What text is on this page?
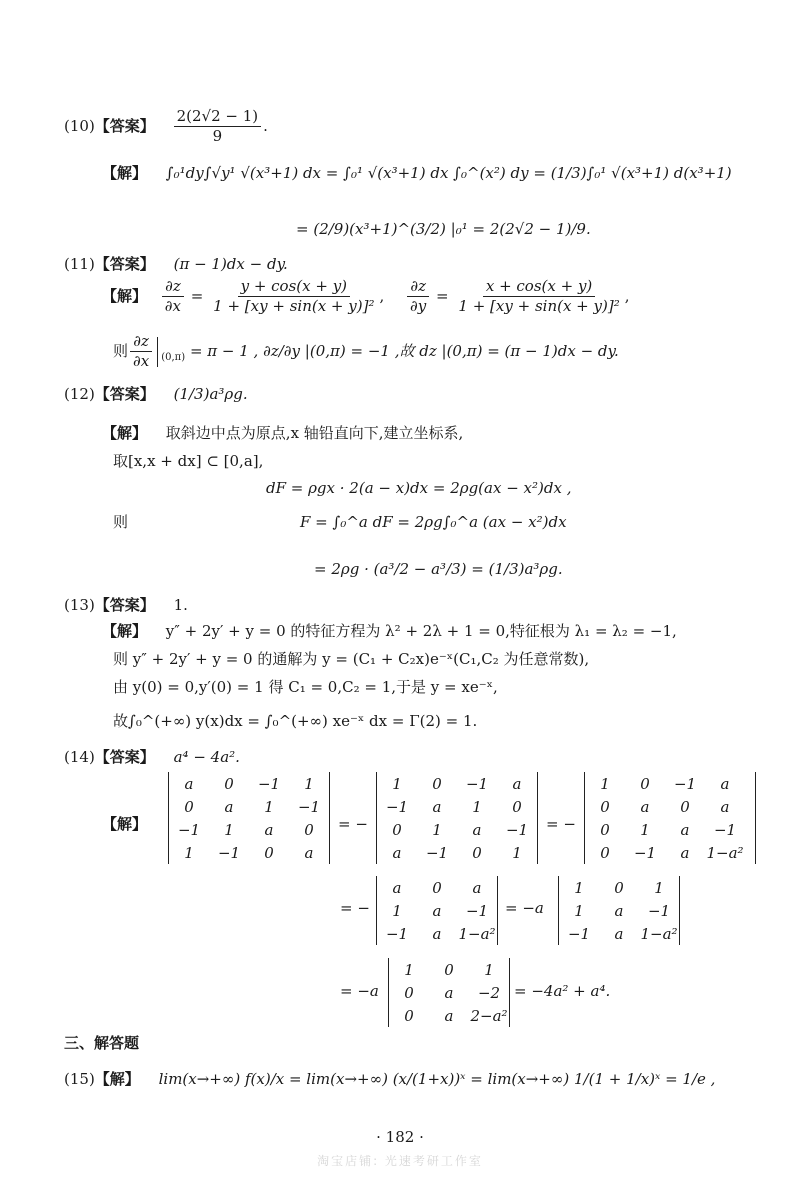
(10)【答案】 $\frac{2(2√2 - 1)}{9}$ .
【解】 ∫₀¹dy∫√y¹ √(x³+1) dx = ∫₀¹ √(x³+1) dx ∫₀^(x²) dy = (1/3)∫₀¹ √(x³+1) d(x³+1)
= (2/9)(x³+1)^(3/2) |₀¹ = 2(2√2 − 1)/9.
(11)【答案】 (π − 1)dx − dy.
【解】 $\frac{\partial z}{\partial x} = \frac{y + \cos(x + y)}{\text{1 + [xy + sin(x + y)]²}}$ , $\frac{\partial z}{\partial y} = \frac{x + \cos(x + y)}{\text{1 + [xy + sin(x + y)]²}}$ ,
则 $\frac{\partial z}{\partial x} _{(0,\pi)} = \pi - 1$ , ∂z/∂y |(0,π) = −1 ,故 dz |(0,π) = (π − 1)dx − dy.
(12)【答案】 (1/3)a³ρg.
【解】 取斜边中点为原点,x 轴铅直向下,建立坐标系,
取[x,x + dx] ⊂ [0,a],
dF = ρgx · 2(a − x)dx = 2ρg(ax − x²)dx ,
则	F = ∫₀^a dF = 2ρg∫₀^a (ax − x²)dx
= 2ρg · (a³/2 − a³/3) = (1/3)a³ρg.
(13)【答案】 1.
【解】 y″ + 2y′ + y = 0 的特征方程为 λ² + 2λ + 1 = 0,特征根为 λ₁ = λ₂ = −1,
则 y″ + 2y′ + y = 0 的通解为 y = (C₁ + C₂x)e⁻ˣ(C₁,C₂ 为任意常数),
由 y(0) = 0,y′(0) = 1 得 C₁ = 0,C₂ = 1,于是 y = xe⁻ˣ,
故∫₀^(+∞) y(x)dx = ∫₀^(+∞) xe⁻ˣ dx = Γ(2) = 1.
(14)【答案】 a⁴ − 4a².
【解】
a	0	−1	1
0	a	1	−1
−1	1	a	0
1	−1	0	a
= −
1	0	−1	a
−1	a	1	0
0	1	a	−1
a	−1	0	1
= −
1	0	−1	a
0	a	0	a
0	1	a	−1
0	−1	a	1−a²
= −
a	0	a
1	a	−1
−1	a	1−a²
= −a
1	0	1
1	a	−1
−1	a	1−a²
= −a
1	0	1
0	a	−2
0	a	2−a²
= −4a² + a⁴.
三、解答题
(15)【解】 lim(x→+∞) f(x)/x = lim(x→+∞) (x/(1+x))ˣ = lim(x→+∞) 1/(1 + 1/x)ˣ = 1/e ,
· 182 ·
淘宝店铺: 光速考研工作室
